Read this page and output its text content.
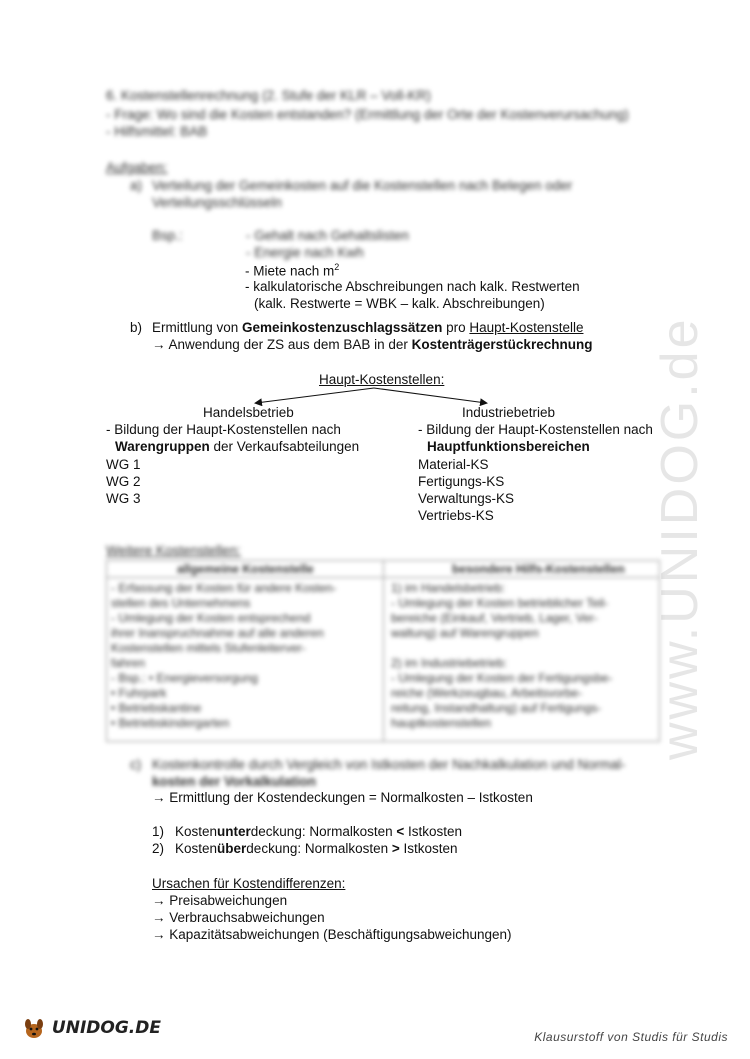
www.UNIDOG.de
6. Kostenstellenrechnung (2. Stufe der KLR – Voll-KR)
- Frage: Wo sind die Kosten entstanden? (Ermittlung der Orte der Kostenverursachung)
- Hilfsmittel: BAB
Aufgaben:
a) Verteilung der Gemeinkosten auf die Kostenstellen nach Belegen oder
Verteilungsschlüsseln
Bsp.:	- Gehalt nach Gehaltslisten
- Energie nach Kwh
- Miete nach $m^2$
- kalkulatorische Abschreibungen nach kalk. Restwerten
(kalk. Restwerte = WBK – kalk. Abschreibungen)
b) Ermittlung von Gemeinkostenzuschlagssätzen pro Haupt-Kostenstelle
→ Anwendung der ZS aus dem BAB in der Kostenträgerstückrechnung
Haupt-Kostenstellen:
Handelsbetrieb
- Bildung der Haupt-Kostenstellen nach
Warengruppen der Verkaufsabteilungen
WG 1
WG 2
WG 3
Industriebetrieb
- Bildung der Haupt-Kostenstellen nach
Hauptfunktionsbereichen
Material-KS
Fertigungs-KS
Verwaltungs-KS
Vertriebs-KS
Weitere Kostenstellen:
allgemeine Kostenstelle	besondere Hilfs-Kostenstellen
- Erfassung der Kosten für andere Kosten-
stellen des Unternehmens
- Umlegung der Kosten entsprechend
ihrer Inanspruchnahme auf alle anderen
Kostenstellen mittels Stufenleiterver-
fahren
- Bsp.: • Energieversorgung
• Fuhrpark
• Betriebskantine
• Betriebskindergarten
1) im Handelsbetrieb:
- Umlegung der Kosten betrieblicher Teil-
bereiche (Einkauf, Vertrieb, Lager, Ver-
waltung) auf Warengruppen
2) im Industriebetrieb:
- Umlegung der Kosten der Fertigungsbe-
reiche (Werkzeugbau, Arbeitsvorbe-
reitung, Instandhaltung) auf Fertigungs-
hauptkostenstellen
c) Kostenkontrolle durch Vergleich von Istkosten der Nachkalkulation und Normal-
kosten der Vorkalkulation
→ Ermittlung der Kostendeckungen = Normalkosten – Istkosten
1) Kostenunterdeckung: Normalkosten < Istkosten
2) Kostenüberdeckung: Normalkosten > Istkosten
Ursachen für Kostendifferenzen:
→ Preisabweichungen
→ Verbrauchsabweichungen
→ Kapazitätsabweichungen (Beschäftigungsabweichungen)
UNIDOG.DE	Klausurstoff von Studis für Studis
